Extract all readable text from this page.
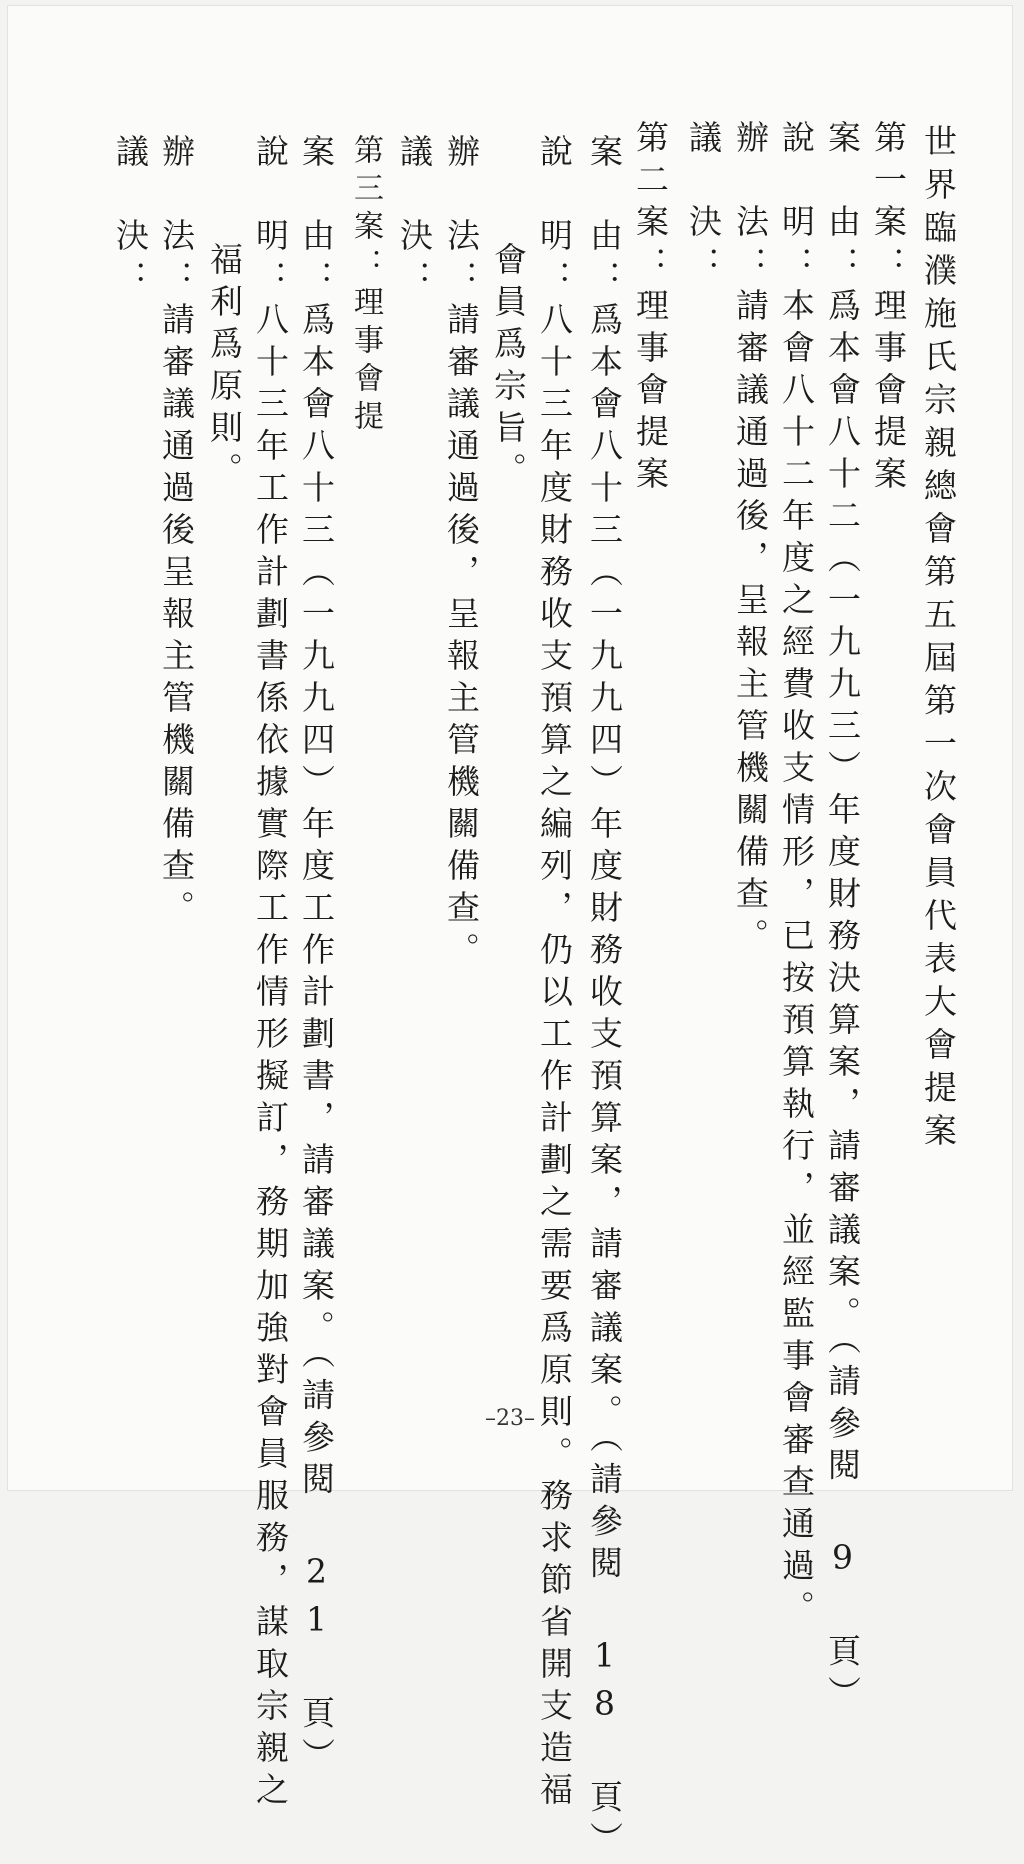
世界臨濮施氏宗親總會第五屆第一次會員代表大會提案
第一案：理事會提案
案　由：爲本會八十二（一九九三）年度財務決算案，請審議案。（請參閱 9 頁）
說　明：本會八十二年度之經費收支情形，已按預算執行，並經監事會審查通過。
辦　法：請審議通過後，呈報主管機關備查。
議　決：
第二案：理事會提案
案　由：爲本會八十三（一九九四）年度財務收支預算案，請審議案。（請參閱 18 頁）
說　明：八十三年度財務收支預算之編列，仍以工作計劃之需要爲原則。務求節省開支造福
會員爲宗旨。
辦　法：請審議通過後，呈報主管機關備查。
議　決：
第三案：理事會提
案　由：爲本會八十三（一九九四）年度工作計劃書，請審議案。（請參閱 21 頁）
說　明：八十三年工作計劃書係依據實際工作情形擬訂，務期加強對會員服務，謀取宗親之
福利爲原則。
辦　法：請審議通過後呈報主管機關備查。
議　決：
–23–
